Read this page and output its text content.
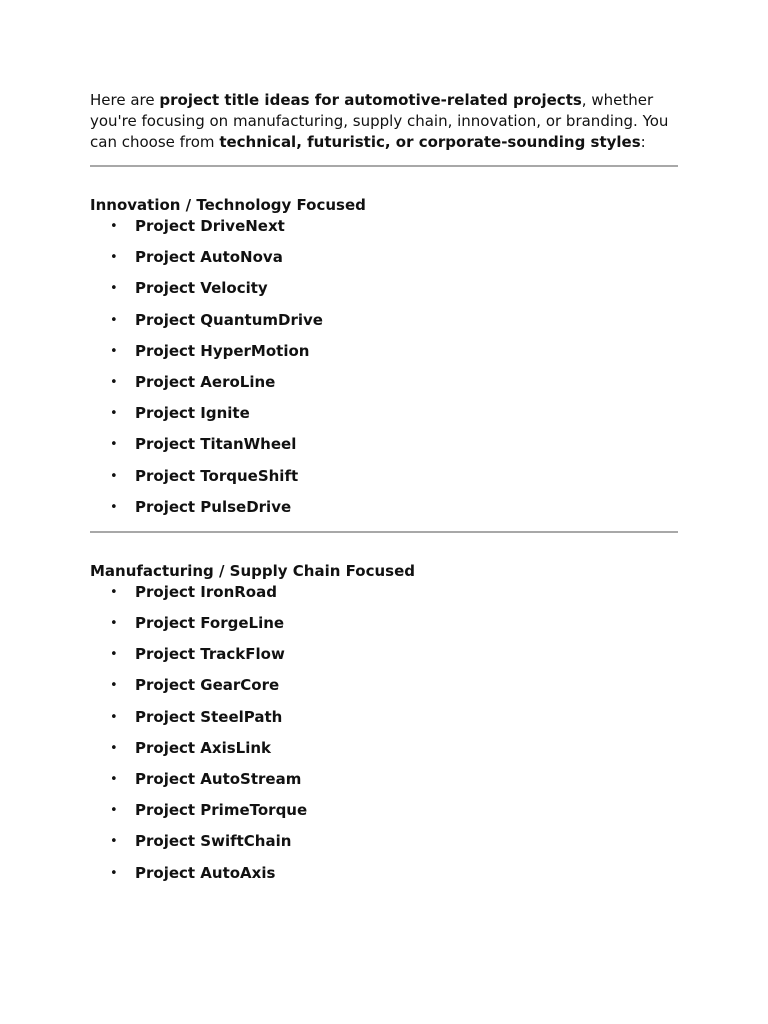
Here are project title ideas for automotive-related projects, whether you're focusing on manufacturing, supply chain, innovation, or branding. You can choose from technical, futuristic, or corporate-sounding styles:

Innovation / Technology Focused
• Project DriveNext
• Project AutoNova
• Project Velocity
• Project QuantumDrive
• Project HyperMotion
• Project AeroLine
• Project Ignite
• Project TitanWheel
• Project TorqueShift
• Project PulseDrive
Manufacturing / Supply Chain Focused
• Project IronRoad
• Project ForgeLine
• Project TrackFlow
• Project GearCore
• Project SteelPath
• Project AxisLink
• Project AutoStream
• Project PrimeTorque
• Project SwiftChain
• Project AutoAxis
